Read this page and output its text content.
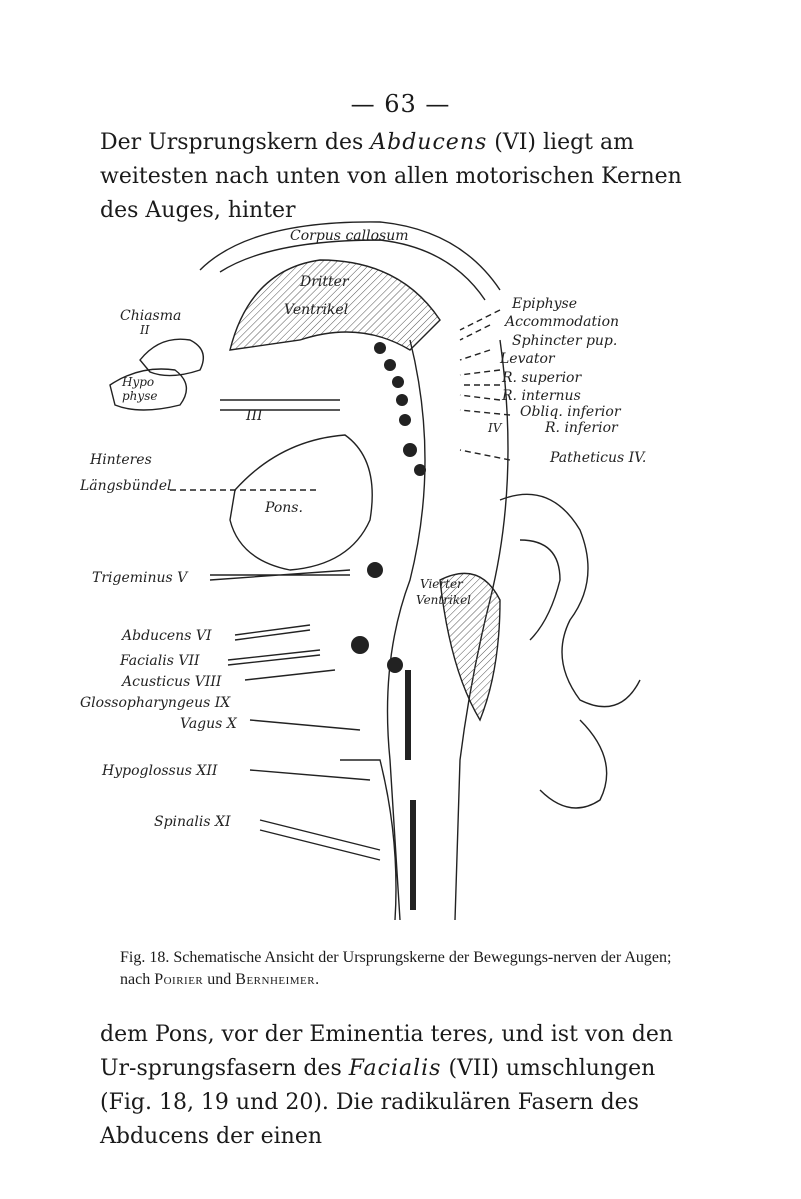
— 63 —

Der Ursprungskern des Abducens (VI) liegt am weitesten nach unten von allen motorischen Kernen des Auges, hinter

Corpus callosum
Dritter
Ventrikel
Chiasma
II
Hypo
physe
III
Epiphyse
Accommodation
Sphincter pup.
Levator
R. superior
R. internus
Obliq. inferior
R. inferior
IV
Patheticus IV.
Hinteres
Längsbündel
Pons.
Trigeminus V	Vierter
Ventrikel
Abducens VI
Facialis VII
Acusticus VIII
Glossopharyngeus IX
Vagus X
Hypoglossus XII
Spinalis XI

Fig. 18. Schematische Ansicht der Ursprungskerne der Bewegungs-nerven der Augen; nach Poirier und Bernheimer.

dem Pons, vor der Eminentia teres, und ist von den Ur-sprungsfasern des Facialis (VII) umschlungen (Fig. 18, 19 und 20). Die radikulären Fasern des Abducens der einen
